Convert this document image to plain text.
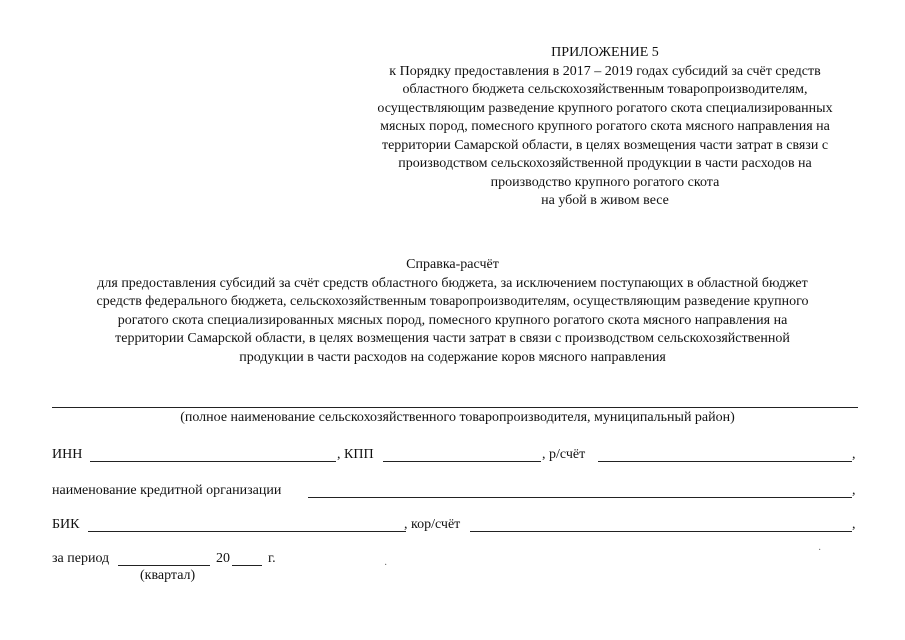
ПРИЛОЖЕНИЕ 5
к Порядку предоставления в 2017 – 2019 годах субсидий за счёт средств
областного бюджета сельскохозяйственным товаропроизводителям,
осуществляющим разведение крупного рогатого скота специализированных
мясных пород, помесного крупного рогатого скота мясного направления на
территории Самарской области, в целях возмещения части затрат в связи с
производством сельскохозяйственной продукции в части расходов на
производство крупного рогатого скота
на убой в живом весе
Справка-расчёт
для предоставления субсидий за счёт средств областного бюджета, за исключением поступающих в областной бюджет
средств федерального бюджета, сельскохозяйственным товаропроизводителям, осуществляющим разведение крупного
рогатого скота специализированных мясных пород, помесного крупного рогатого скота мясного направления на
территории Самарской области, в целях возмещения части затрат в связи с производством сельскохозяйственной
продукции в части расходов на содержание коров мясного направления
(полное наименование сельскохозяйственного товаропроизводителя, муниципальный район)
ИНН	, КПП	, р/счёт	,
наименование кредитной организации	,
БИК	, кор/счёт	,
за период	20	г.
(квартал)
·
·
